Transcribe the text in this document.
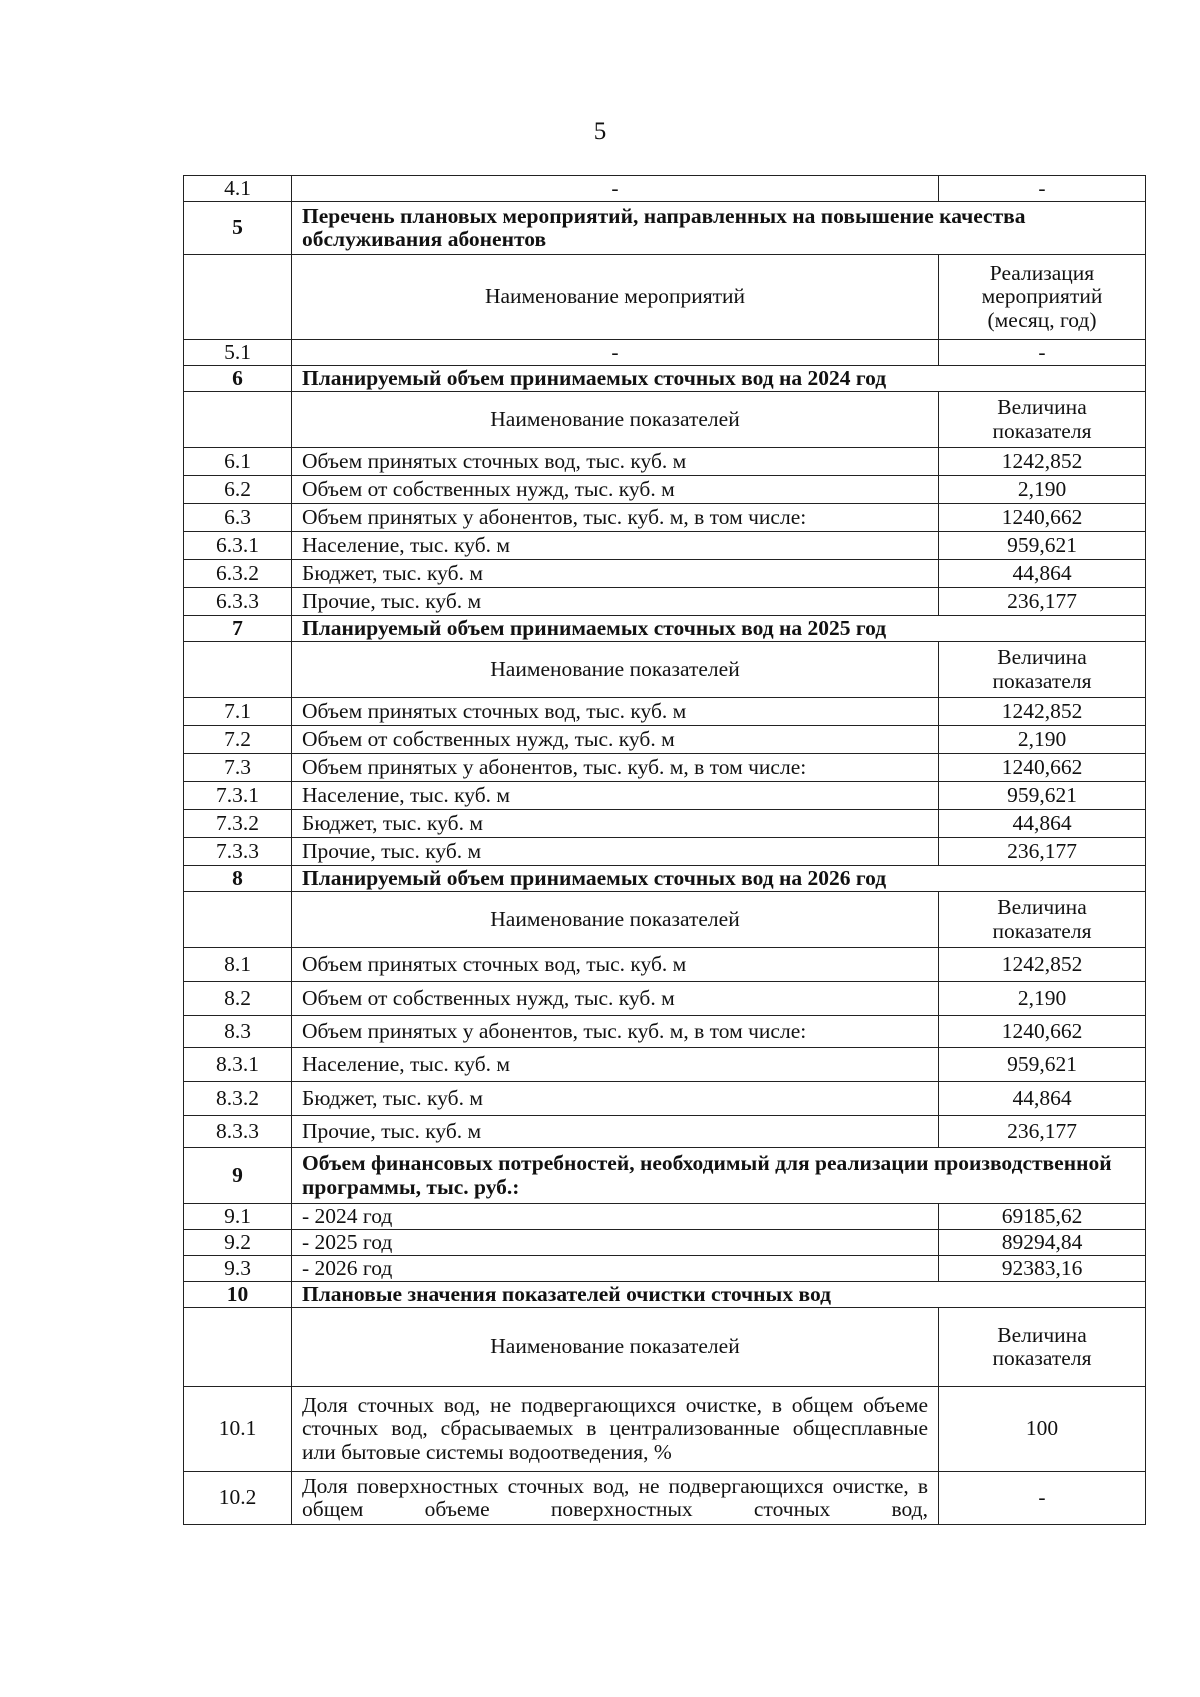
5
4.1	-	-
5	Перечень плановых мероприятий, направленных на повышение качества обслуживания абонентов	
	Наименование мероприятий	Реализация мероприятий (месяц, год)
5.1	-	-
6	Планируемый объем принимаемых сточных вод на 2024 год	
	Наименование показателей	Величина показателя
6.1	Объем принятых сточных вод, тыс. куб. м	1242,852
6.2	Объем от собственных нужд, тыс. куб. м	2,190
6.3	Объем принятых у абонентов, тыс. куб. м, в том числе:	1240,662
6.3.1	Население, тыс. куб. м	959,621
6.3.2	Бюджет, тыс. куб. м	44,864
6.3.3	Прочие, тыс. куб. м	236,177
7	Планируемый объем принимаемых сточных вод на 2025 год	
	Наименование показателей	Величина показателя
7.1	Объем принятых сточных вод, тыс. куб. м	1242,852
7.2	Объем от собственных нужд, тыс. куб. м	2,190
7.3	Объем принятых у абонентов, тыс. куб. м, в том числе:	1240,662
7.3.1	Население, тыс. куб. м	959,621
7.3.2	Бюджет, тыс. куб. м	44,864
7.3.3	Прочие, тыс. куб. м	236,177
8	Планируемый объем принимаемых сточных вод на 2026 год	
	Наименование показателей	Величина показателя
8.1	Объем принятых сточных вод, тыс. куб. м	1242,852
8.2	Объем от собственных нужд, тыс. куб. м	2,190
8.3	Объем принятых у абонентов, тыс. куб. м, в том числе:	1240,662
8.3.1	Население, тыс. куб. м	959,621
8.3.2	Бюджет, тыс. куб. м	44,864
8.3.3	Прочие, тыс. куб. м	236,177
9	Объем финансовых потребностей, необходимый для реализации производственной программы, тыс. руб.:	
9.1	- 2024 год	69185,62
9.2	- 2025 год	89294,84
9.3	- 2026 год	92383,16
10	Плановые значения показателей очистки сточных вод	
	Наименование показателей	Величина показателя
10.1	Доля сточных вод, не подвергающихся очистке, в общем объеме сточных вод, сбрасываемых в централизованные общесплавные или бытовые системы водоотведения, %	100
10.2	Доля поверхностных сточных вод, не подвергающихся очистке, в общем объеме поверхностных сточных вод,	-
